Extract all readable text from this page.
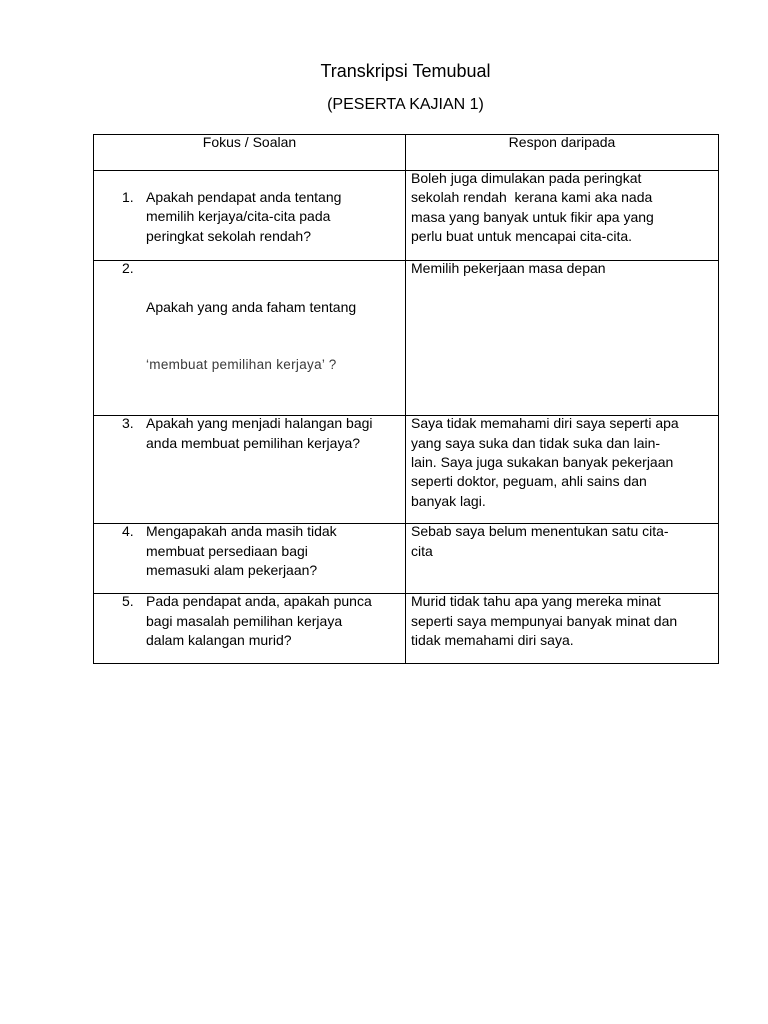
Transkripsi Temubual
(PESERTA KAJIAN 1)
Fokus / Soalan	Respon daripada

1. Apakah pendapat anda tentang
memilih kerjaya/cita-cita pada
peringkat sekolah rendah?	Boleh juga dimulakan pada peringkat
sekolah rendah  kerana kami aka nada
masa yang banyak untuk fikir apa yang
perlu buat untuk mencapai cita-cita.

2.

Apakah yang anda faham tentang

‘membuat pemilihan kerjaya’ ?	Memilih pekerjaan masa depan

3. Apakah yang menjadi halangan bagi
anda membuat pemilihan kerjaya?	Saya tidak memahami diri saya seperti apa
yang saya suka dan tidak suka dan lain-
lain. Saya juga sukakan banyak pekerjaan
seperti doktor, peguam, ahli sains dan
banyak lagi.

4. Mengapakah anda masih tidak
membuat persediaan bagi
memasuki alam pekerjaan?	Sebab saya belum menentukan satu cita-
cita

5. Pada pendapat anda, apakah punca
bagi masalah pemilihan kerjaya
dalam kalangan murid?	Murid tidak tahu apa yang mereka minat
seperti saya mempunyai banyak minat dan
tidak memahami diri saya.
